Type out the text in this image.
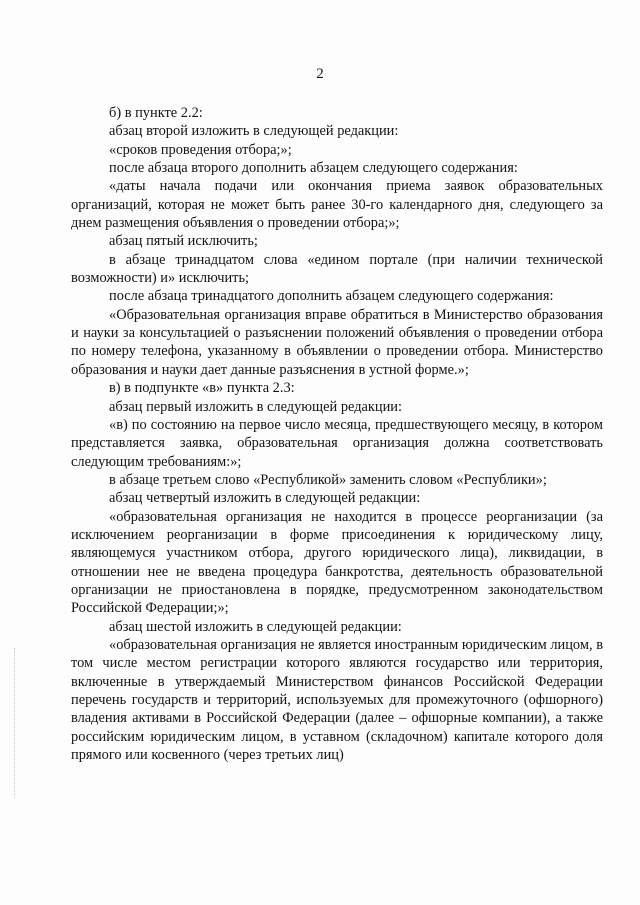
2

б) в пункте 2.2:

абзац второй изложить в следующей редакции:

«сроков проведения отбора;»;

после абзаца второго дополнить абзацем следующего содержания:

«даты начала подачи или окончания приема заявок образовательных организаций, которая не может быть ранее 30-го календарного дня, следующего за днем размещения объявления о проведении отбора;»;

абзац пятый исключить;

в абзаце тринадцатом слова «едином портале (при наличии технической возможности) и» исключить;

после абзаца тринадцатого дополнить абзацем следующего содержания:

«Образовательная организация вправе обратиться в Министерство образования и науки за консультацией о разъяснении положений объявления о проведении отбора по номеру телефона, указанному в объявлении о проведении отбора. Министерство образования и науки дает данные разъяснения в устной форме.»;

в) в подпункте «в» пункта 2.3:

абзац первый изложить в следующей редакции:

«в) по состоянию на первое число месяца, предшествующего месяцу, в котором представляется заявка, образовательная организация должна соответствовать следующим требованиям:»;

в абзаце третьем слово «Республикой» заменить словом «Республики»;

абзац четвертый изложить в следующей редакции:

«образовательная организация не находится в процессе реорганизации (за исключением реорганизации в форме присоединения к юридическому лицу, являющемуся участником отбора, другого юридического лица), ликвидации, в отношении нее не введена процедура банкротства, деятельность образовательной организации не приостановлена в порядке, предусмотренном законодательством Российской Федерации;»;

абзац шестой изложить в следующей редакции:

«образовательная организация не является иностранным юридическим лицом, в том числе местом регистрации которого являются государство или территория, включенные в утверждаемый Министерством финансов Российской Федерации перечень государств и территорий, используемых для промежуточного (офшорного) владения активами в Российской Федерации (далее – офшорные компании), а также российским юридическим лицом, в уставном (складочном) капитале которого доля прямого или косвенного (через третьих лиц)
